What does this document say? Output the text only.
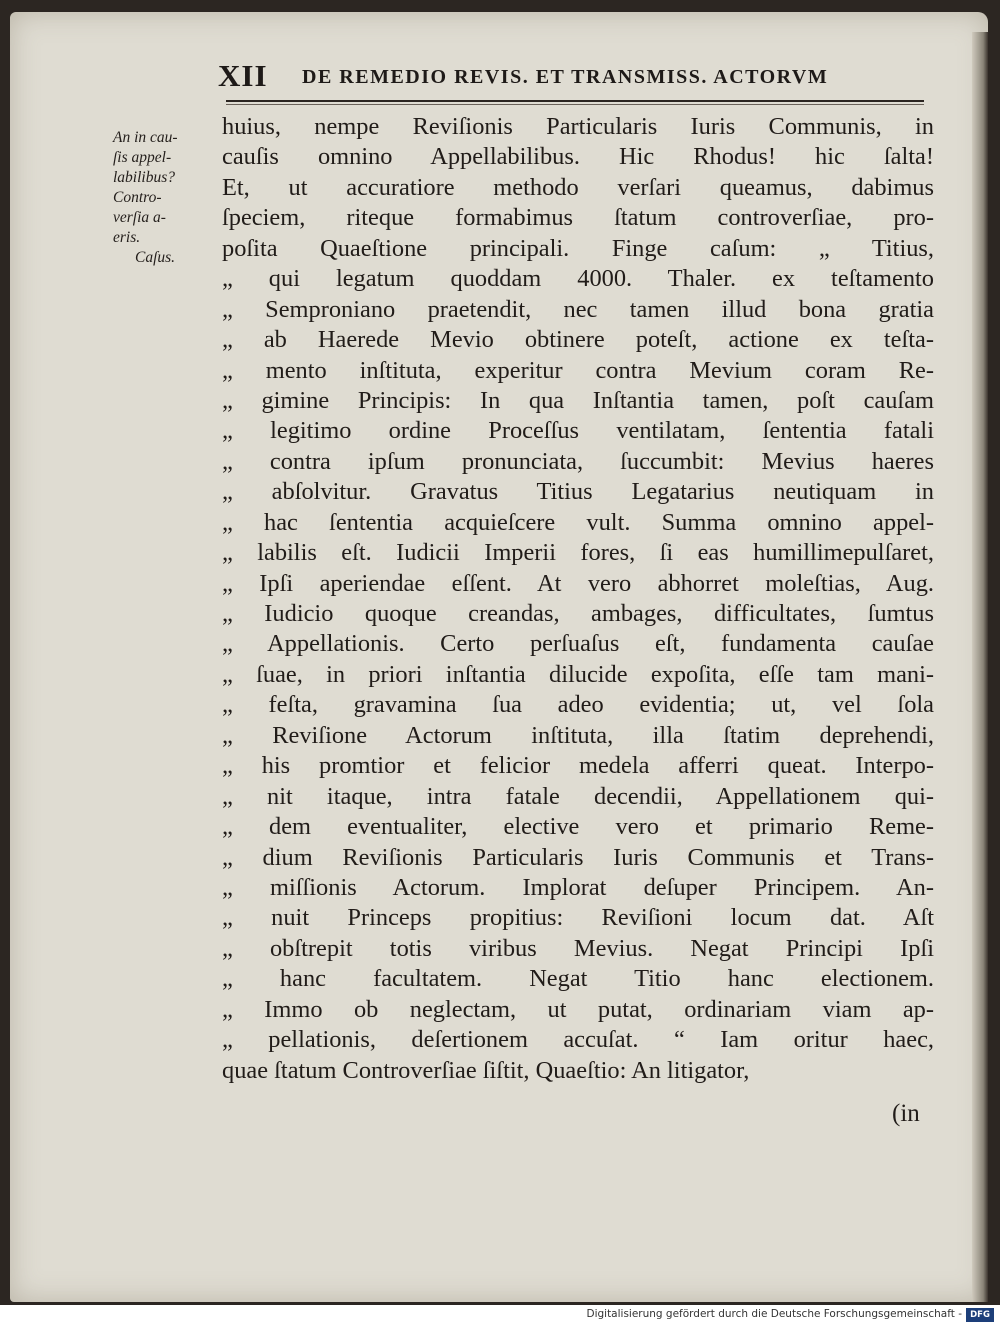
XII DE REMEDIO REVIS. ET TRANSMISS. ACTORVM
An in cau-
ſis appel-
labilibus?
Contro-
verſia a-
eris.
Caſus.
huius, nempe Reviſionis Particularis Iuris Communis, in
cauſis omnino Appellabilibus. Hic Rhodus! hic ſalta!
Et, ut accuratiore methodo verſari queamus, dabimus
ſpeciem, riteque formabimus ſtatum controverſiae, pro-
poſita Quaeſtione principali. Finge caſum: „ Titius,
„ qui legatum quoddam 4000. Thaler. ex teſtamento
„ Semproniano praetendit, nec tamen illud bona gratia
„ ab Haerede Mevio obtinere poteſt, actione ex teſta-
„ mento inſtituta, experitur contra Mevium coram Re-
„ gimine Principis: In qua Inſtantia tamen, poſt cauſam
„ legitimo ordine Proceſſus ventilatam, ſententia fatali
„ contra ipſum pronunciata, ſuccumbit: Mevius haeres
„ abſolvitur. Gravatus Titius Legatarius neutiquam in
„ hac ſententia acquieſcere vult. Summa omnino appel-
„ labilis eſt. Iudicii Imperii fores, ſi eas humillimepulſaret,
„ Ipſi aperiendae eſſent. At vero abhorret moleſtias, Aug.
„ Iudicio quoque creandas, ambages, difficultates, ſumtus
„ Appellationis. Certo perſuaſus eſt, fundamenta cauſae
„ ſuae, in priori inſtantia dilucide expoſita, eſſe tam mani-
„ feſta, gravamina ſua adeo evidentia; ut, vel ſola
„ Reviſione Actorum inſtituta, illa ſtatim deprehendi,
„ his promtior et felicior medela afferri queat. Interpo-
„ nit itaque, intra fatale decendii, Appellationem qui-
„ dem eventualiter, elective vero et primario Reme-
„ dium Reviſionis Particularis Iuris Communis et Trans-
„ miſſionis Actorum. Implorat deſuper Principem. An-
„ nuit Princeps propitius: Reviſioni locum dat. Aſt
„ obſtrepit totis viribus Mevius. Negat Principi Ipſi
„ hanc facultatem. Negat Titio hanc electionem.
„ Immo ob neglectam, ut putat, ordinariam viam ap-
„ pellationis, deſertionem accuſat. “ Iam oritur haec,
quae ſtatum Controverſiae ſiſtit, Quaeſtio: An litigator,
(in
Digitalisierung gefördert durch die Deutsche Forschungsgemeinschaft - DFG
